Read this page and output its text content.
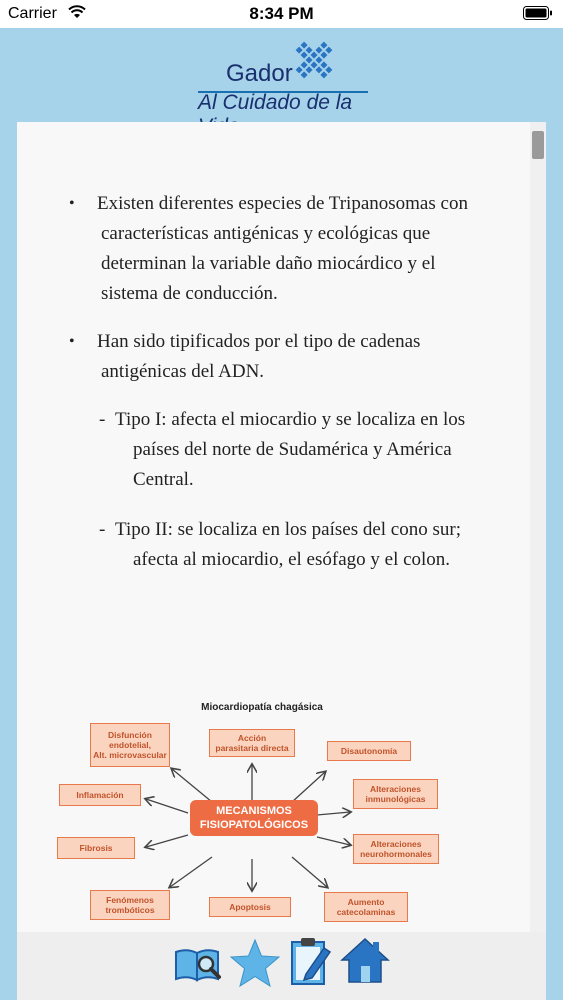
Carrier	8:34 PM
Gador
Al Cuidado de la
• Existen diferentes especies de Tripanosomas con
características antigénicas y ecológicas que
determinan la variable daño miocárdico y el
sistema de conducción.
• Han sido tipificados por el tipo de cadenas
antigénicas del ADN.
- Tipo I: afecta el miocardio y se localiza en los
países del norte de Sudamérica y América
Central.
- Tipo II: se localiza en los países del cono sur;
afecta al miocardio, el esófago y el colon.
Miocardiopatía chagásica
Disfunción
endotelial,
Alt. microvascular
Acción
parasitaria directa	Disautonomía
Inflamación
Alteraciones
inmunológicas
Fibrosis	Alteraciones
neurohormonales
Fenómenos
trombóticos	Apoptosis	Aumento
catecolaminas
MECANISMOS
FISIOPATOLÓGICOS
